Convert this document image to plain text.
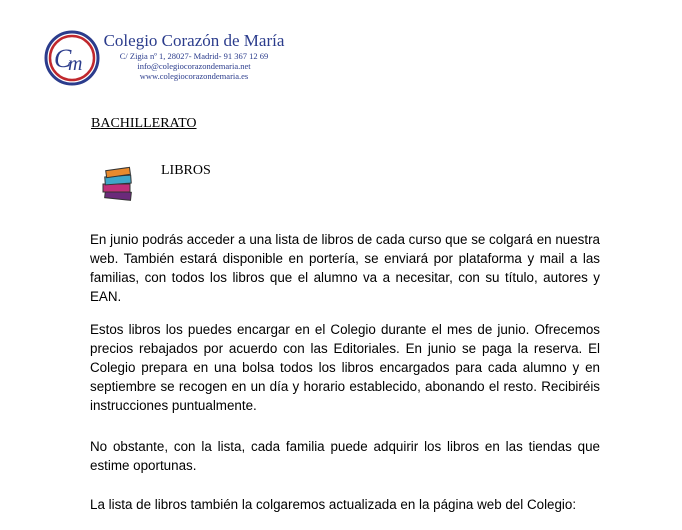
C
m
Colegio Corazón de María
C/ Zigia nº 1, 28027- Madrid- 91 367 12 69
info@colegiocorazondemaria.net
www.colegiocorazondemaria.es
BACHILLERATO
LIBROS
En junio podrás acceder a una lista de libros de cada curso que se colgará en nuestra web. También estará disponible en portería, se enviará por plataforma y mail a las familias, con todos los libros que el alumno va a necesitar, con su título, autores y EAN.
Estos libros los puedes encargar en el Colegio durante el mes de junio. Ofrecemos precios rebajados por acuerdo con las Editoriales. En junio se paga la reserva. El Colegio prepara en una bolsa todos los libros encargados para cada alumno y en septiembre se recogen en un día y horario establecido, abonando el resto. Recibiréis instrucciones puntualmente.
No obstante, con la lista, cada familia puede adquirir los libros en las tiendas que estime oportunas.
La lista de libros también la colgaremos actualizada en la página web del Colegio:
